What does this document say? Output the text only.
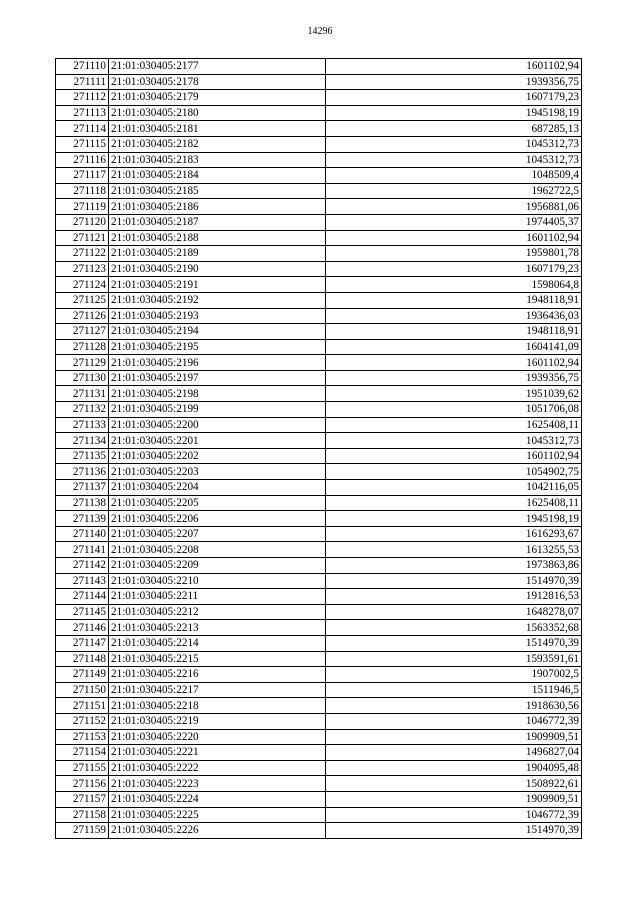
14296
271110	21:01:030405:2177	1601102,94
271111	21:01:030405:2178	1939356,75
271112	21:01:030405:2179	1607179,23
271113	21:01:030405:2180	1945198,19
271114	21:01:030405:2181	687285,13
271115	21:01:030405:2182	1045312,73
271116	21:01:030405:2183	1045312,73
271117	21:01:030405:2184	1048509,4
271118	21:01:030405:2185	1962722,5
271119	21:01:030405:2186	1956881,06
271120	21:01:030405:2187	1974405,37
271121	21:01:030405:2188	1601102,94
271122	21:01:030405:2189	1959801,78
271123	21:01:030405:2190	1607179,23
271124	21:01:030405:2191	1598064,8
271125	21:01:030405:2192	1948118,91
271126	21:01:030405:2193	1936436,03
271127	21:01:030405:2194	1948118,91
271128	21:01:030405:2195	1604141,09
271129	21:01:030405:2196	1601102,94
271130	21:01:030405:2197	1939356,75
271131	21:01:030405:2198	1951039,62
271132	21:01:030405:2199	1051706,08
271133	21:01:030405:2200	1625408,11
271134	21:01:030405:2201	1045312,73
271135	21:01:030405:2202	1601102,94
271136	21:01:030405:2203	1054902,75
271137	21:01:030405:2204	1042116,05
271138	21:01:030405:2205	1625408,11
271139	21:01:030405:2206	1945198,19
271140	21:01:030405:2207	1616293,67
271141	21:01:030405:2208	1613255,53
271142	21:01:030405:2209	1973863,86
271143	21:01:030405:2210	1514970,39
271144	21:01:030405:2211	1912816,53
271145	21:01:030405:2212	1648278,07
271146	21:01:030405:2213	1563352,68
271147	21:01:030405:2214	1514970,39
271148	21:01:030405:2215	1593591,61
271149	21:01:030405:2216	1907002,5
271150	21:01:030405:2217	1511946,5
271151	21:01:030405:2218	1918630,56
271152	21:01:030405:2219	1046772,39
271153	21:01:030405:2220	1909909,51
271154	21:01:030405:2221	1496827,04
271155	21:01:030405:2222	1904095,48
271156	21:01:030405:2223	1508922,61
271157	21:01:030405:2224	1909909,51
271158	21:01:030405:2225	1046772,39
271159	21:01:030405:2226	1514970,39
